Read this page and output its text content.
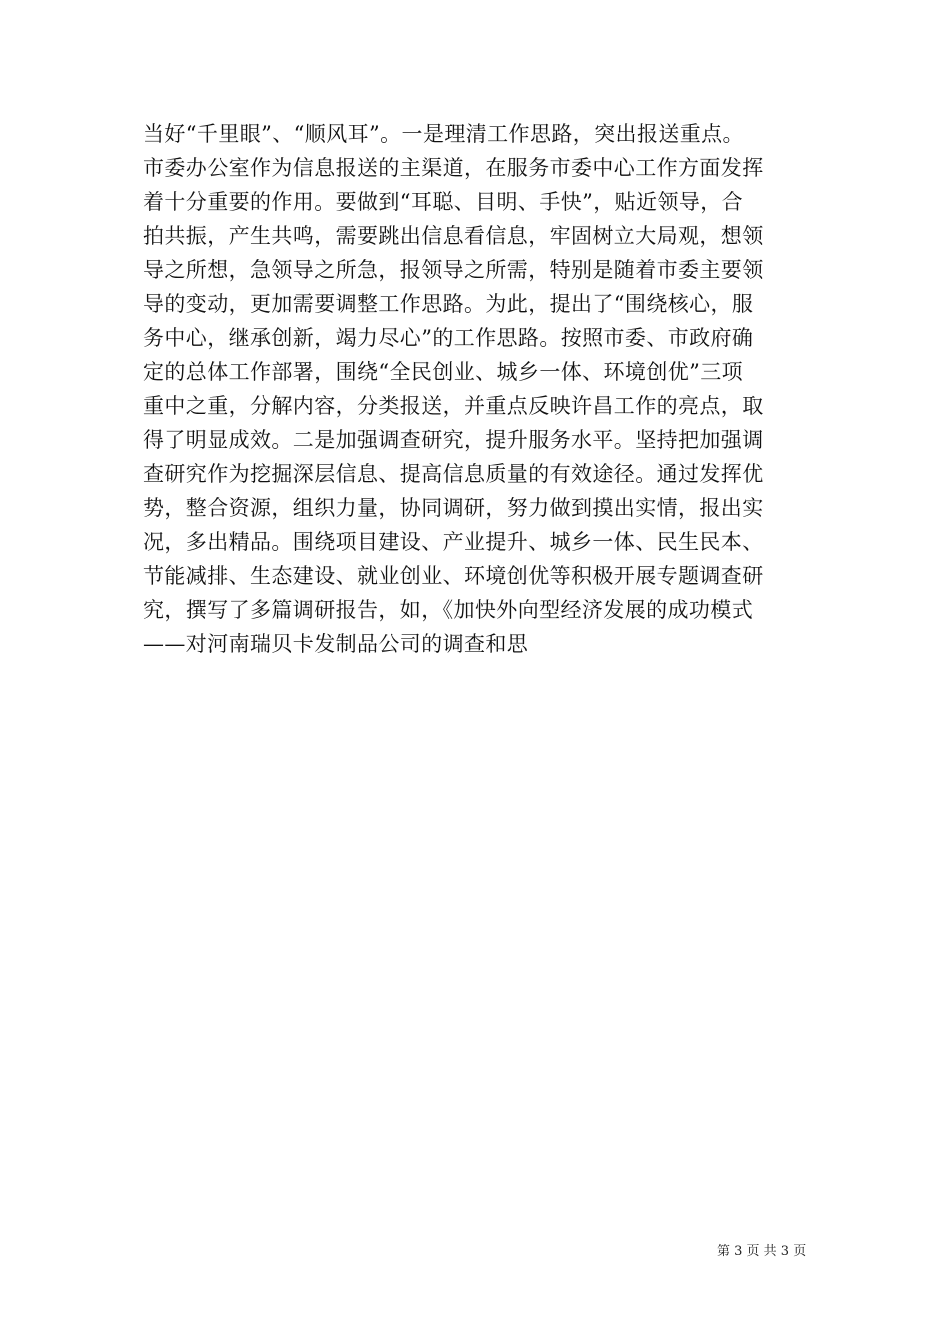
当好“千里眼”、“顺风耳”。一是理清工作思路，突出报送重点。
市委办公室作为信息报送的主渠道，在服务市委中心工作方面发挥
着十分重要的作用。要做到“耳聪、目明、手快”，贴近领导，合
拍共振，产生共鸣，需要跳出信息看信息，牢固树立大局观，想领
导之所想，急领导之所急，报领导之所需，特别是随着市委主要领
导的变动，更加需要调整工作思路。为此，提出了“围绕核心，服
务中心，继承创新，竭力尽心”的工作思路。按照市委、市政府确
定的总体工作部署，围绕“全民创业、城乡一体、环境创优”三项
重中之重，分解内容，分类报送，并重点反映许昌工作的亮点，取
得了明显成效。二是加强调查研究，提升服务水平。坚持把加强调
查研究作为挖掘深层信息、提高信息质量的有效途径。通过发挥优
势，整合资源，组织力量，协同调研，努力做到摸出实情，报出实
况，多出精品。围绕项目建设、产业提升、城乡一体、民生民本、
节能减排、生态建设、就业创业、环境创优等积极开展专题调查研
究，撰写了多篇调研报告，如，《加快外向型经济发展的成功模式
——对河南瑞贝卡发制品公司的调查和思
第 3 页 共 3 页
